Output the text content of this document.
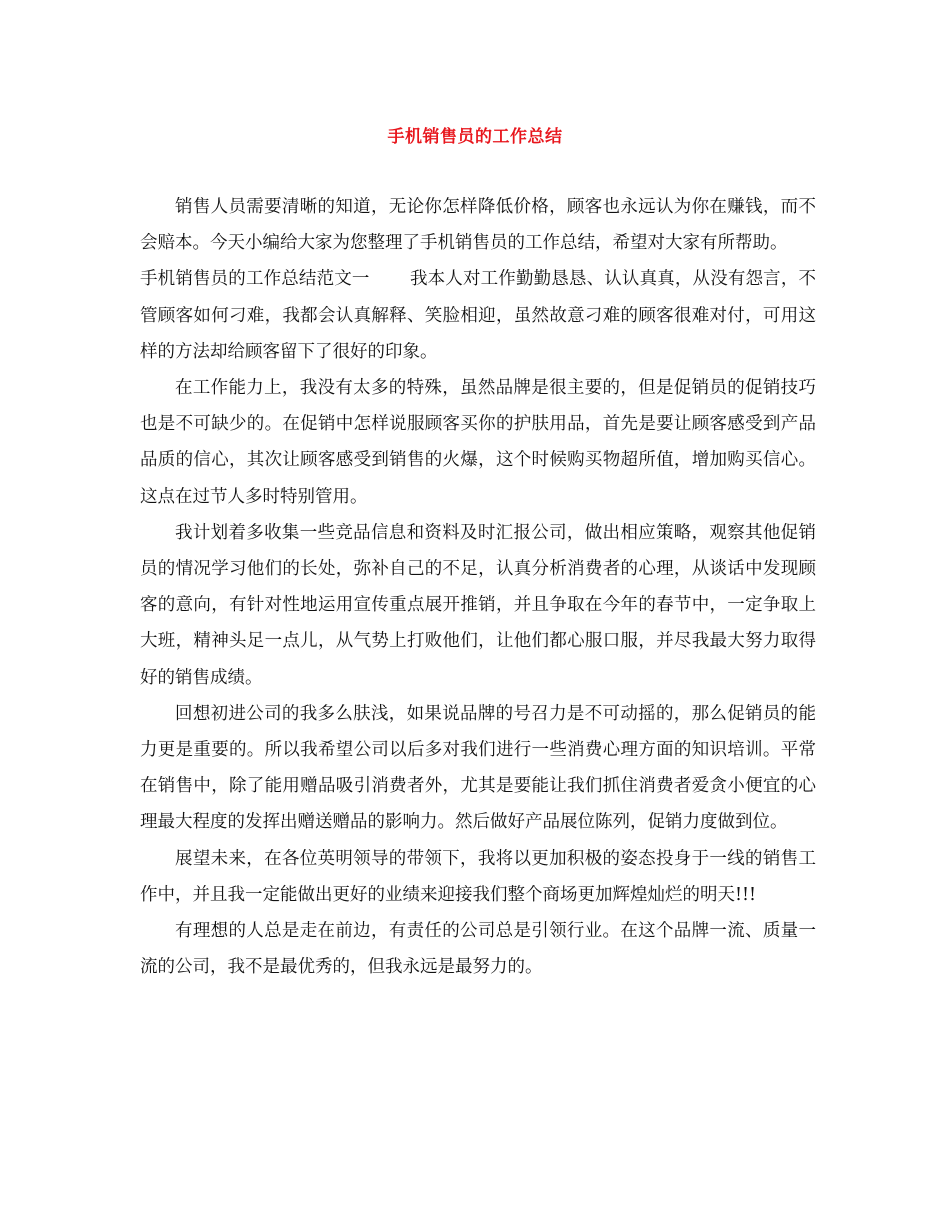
手机销售员的工作总结

销售人员需要清晰的知道，无论你怎样降低价格，顾客也永远认为你在赚钱，而不会赔本。今天小编给大家为您整理了手机销售员的工作总结，希望对大家有所帮助。

手机销售员的工作总结范文一 我本人对工作勤勤恳恳、认认真真，从没有怨言，不管顾客如何刁难，我都会认真解释、笑脸相迎，虽然故意刁难的顾客很难对付，可用这样的方法却给顾客留下了很好的印象。

在工作能力上，我没有太多的特殊，虽然品牌是很主要的，但是促销员的促销技巧也是不可缺少的。在促销中怎样说服顾客买你的护肤用品，首先是要让顾客感受到产品品质的信心，其次让顾客感受到销售的火爆，这个时候购买物超所值，增加购买信心。这点在过节人多时特别管用。

我计划着多收集一些竞品信息和资料及时汇报公司，做出相应策略，观察其他促销员的情况学习他们的长处，弥补自己的不足，认真分析消费者的心理，从谈话中发现顾客的意向，有针对性地运用宣传重点展开推销，并且争取在今年的春节中，一定争取上大班，精神头足一点儿，从气势上打败他们，让他们都心服口服，并尽我最大努力取得好的销售成绩。

回想初进公司的我多么肤浅，如果说品牌的号召力是不可动摇的，那么促销员的能力更是重要的。所以我希望公司以后多对我们进行一些消费心理方面的知识培训。平常在销售中，除了能用赠品吸引消费者外，尤其是要能让我们抓住消费者爱贪小便宜的心理最大程度的发挥出赠送赠品的影响力。然后做好产品展位陈列，促销力度做到位。

展望未来，在各位英明领导的带领下，我将以更加积极的姿态投身于一线的销售工作中，并且我一定能做出更好的业绩来迎接我们整个商场更加辉煌灿烂的明天!!!

有理想的人总是走在前边，有责任的公司总是引领行业。在这个品牌一流、质量一流的公司，我不是最优秀的，但我永远是最努力的。
